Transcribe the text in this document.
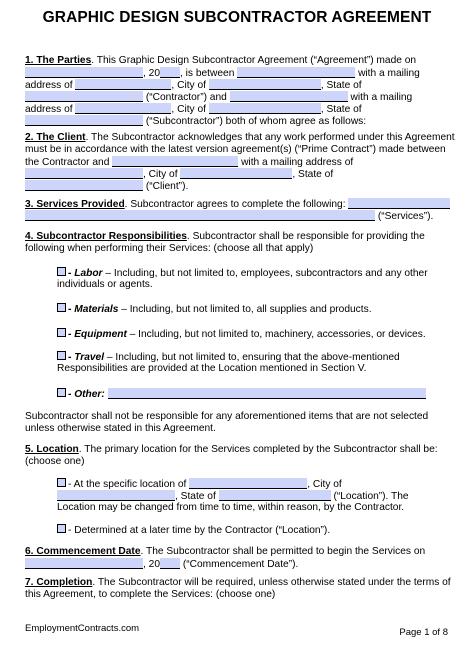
GRAPHIC DESIGN SUBCONTRACTOR AGREEMENT
1. The Parties. This Graphic Design Subcontractor Agreement (“Agreement”) made on
, 20 , is between	with a mailing
address of	, City of	, State of
(“Contractor”) and	with a mailing
address of	, City of	, State of
(“Subcontractor”) both of whom agree as follows:
2. The Client. The Subcontractor acknowledges that any work performed under this Agreement
must be in accordance with the latest version agreement(s) (“Prime Contract”) made between
the Contractor and	with a mailing address of
, City of	, State of
(“Client”).
3. Services Provided. Subcontractor agrees to complete the following:
(“Services”).
4. Subcontractor Responsibilities. Subcontractor shall be responsible for providing the
following when performing their Services: (choose all that apply)
- Labor – Including, but not limited to, employees, subcontractors and any other
individuals or agents.
- Materials – Including, but not limited to, all supplies and products.
- Equipment – Including, but not limited to, machinery, accessories, or devices.
- Travel – Including, but not limited to, ensuring that the above-mentioned
Responsibilities are provided at the Location mentioned in Section V.
- Other:
Subcontractor shall not be responsible for any aforementioned items that are not selected
unless otherwise stated in this Agreement.
5. Location. The primary location for the Services completed by the Subcontractor shall be:
(choose one)
- At the specific location of	, City of
, State of	(“Location”). The
Location may be changed from time to time, within reason, by the Contractor.
- Determined at a later time by the Contractor (“Location”).
6. Commencement Date. The Subcontractor shall be permitted to begin the Services on
, 20 (“Commencement Date”).
7. Completion. The Subcontractor will be required, unless otherwise stated under the terms of
this Agreement, to complete the Services: (choose one)
EmploymentContracts.com	Page 1 of 8
